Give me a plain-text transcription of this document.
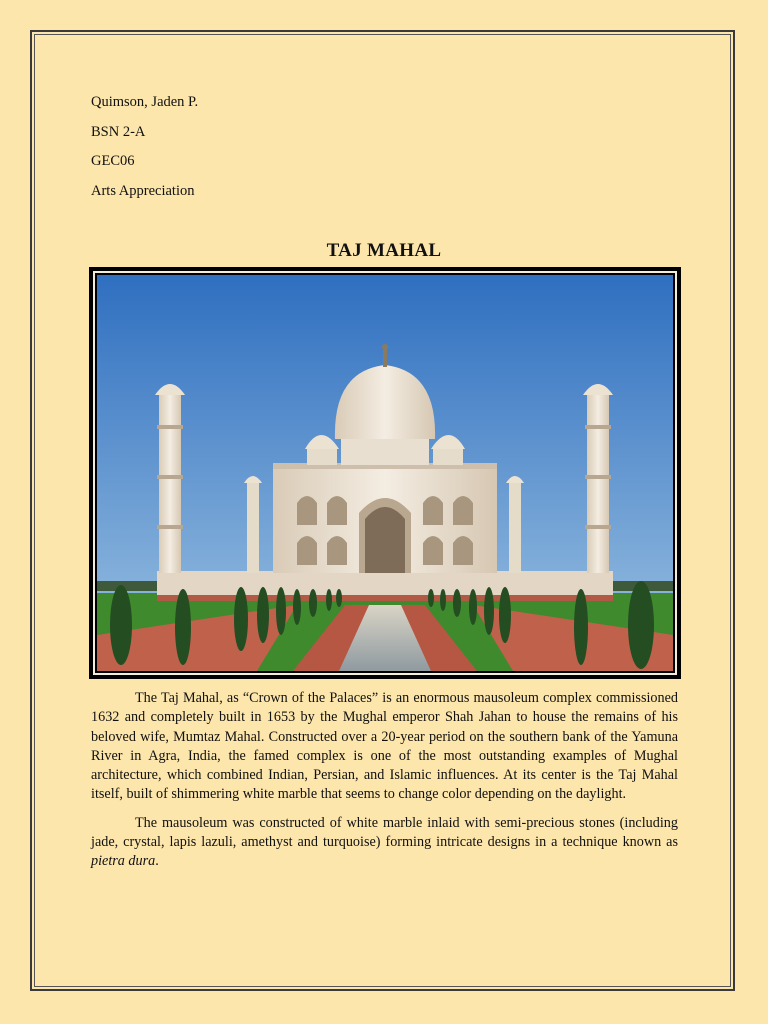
Quimson, Jaden P.
BSN 2-A
GEC06
Arts Appreciation
TAJ MAHAL

The Taj Mahal, as “Crown of the Palaces” is an enormous mausoleum complex commissioned 1632 and completely built in 1653 by the Mughal emperor Shah Jahan to house the remains of his beloved wife, Mumtaz Mahal. Constructed over a 20-year period on the southern bank of the Yamuna River in Agra, India, the famed complex is one of the most outstanding examples of Mughal architecture, which combined Indian, Persian, and Islamic influences. At its center is the Taj Mahal itself, built of shimmering white marble that seems to change color depending on the daylight.

The mausoleum was constructed of white marble inlaid with semi-precious stones (including jade, crystal, lapis lazuli, amethyst and turquoise) forming intricate designs in a technique known as pietra dura.
